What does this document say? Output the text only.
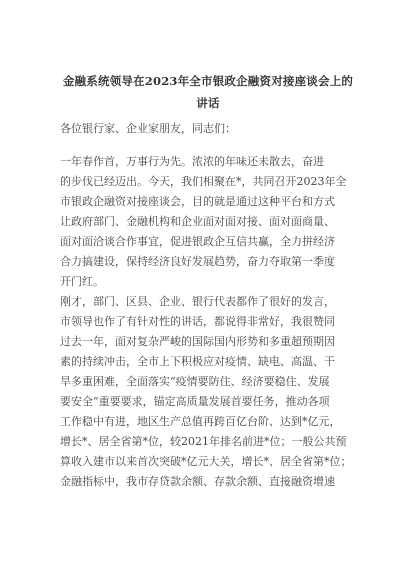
金融系统领导在2023年全市银政企融资对接座谈会上的讲话
各位银行家、企业家朋友，同志们：
一年春作首，万事行为先。浓浓的年味还未散去，奋进
的步伐已经迈出。今天，我们相聚在*，共同召开2023年全
市银政企融资对接座谈会，目的就是通过这种平台和方式
让政府部门、金融机构和企业面对面对接、面对面商量、
面对面洽谈合作事宜，促进银政企互信共赢，全力拼经济
合力搞建设，保持经济良好发展趋势，奋力夺取第一季度
开门红。
刚才，部门、区县、企业、银行代表都作了很好的发言，
市领导也作了有针对性的讲话，都说得非常好，我很赞同
过去一年，面对复杂严峻的国际国内形势和多重超预期因
素的持续冲击，全市上下积极应对疫情、缺电、高温、干
旱多重困难，全面落实“疫情要防住、经济要稳住、发展
要安全”重要要求，锚定高质量发展首要任务，推动各项
工作稳中有进，地区生产总值再跨百亿台阶、达到*亿元，
增长*、居全省第*位，较2021年排名前进*位；一般公共预
算收入建市以来首次突破*亿元大关，增长*、居全省第*位；
金融指标中，我市存贷款余额、存款余额、直接融资增速
